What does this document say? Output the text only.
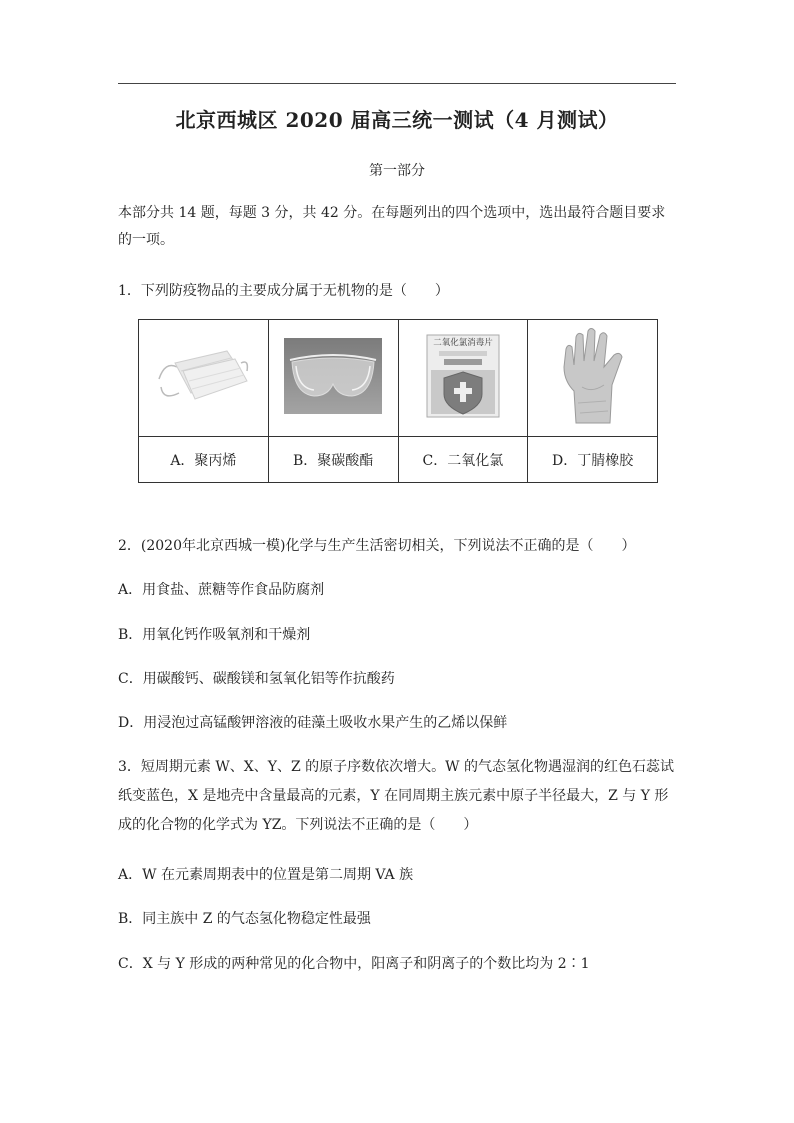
北京西城区 2020 届高三统一测试（4 月测试）
第一部分
本部分共 14 题，每题 3 分，共 42 分。在每题列出的四个选项中，选出最符合题目要求的一项。
1．下列防疫物品的主要成分属于无机物的是（　　）

二氧化氯消毒片

A．聚丙烯	B．聚碳酸酯	C．二氧化氯	D．丁腈橡胶
2．(2020年北京西城一模)化学与生产生活密切相关，下列说法不正确的是（　　）
A．用食盐、蔗糖等作食品防腐剂
B．用氧化钙作吸氧剂和干燥剂
C．用碳酸钙、碳酸镁和氢氧化铝等作抗酸药
D．用浸泡过高锰酸钾溶液的硅藻土吸收水果产生的乙烯以保鲜
3．短周期元素 W、X、Y、Z 的原子序数依次增大。W 的气态氢化物遇湿润的红色石蕊试纸变蓝色，X 是地壳中含量最高的元素，Y 在同周期主族元素中原子半径最大，Z 与 Y 形成的化合物的化学式为 YZ。下列说法不正确的是（　　）
A．W 在元素周期表中的位置是第二周期 VA 族
B．同主族中 Z 的气态氢化物稳定性最强
C．X 与 Y 形成的两种常见的化合物中，阳离子和阴离子的个数比均为 2∶1
